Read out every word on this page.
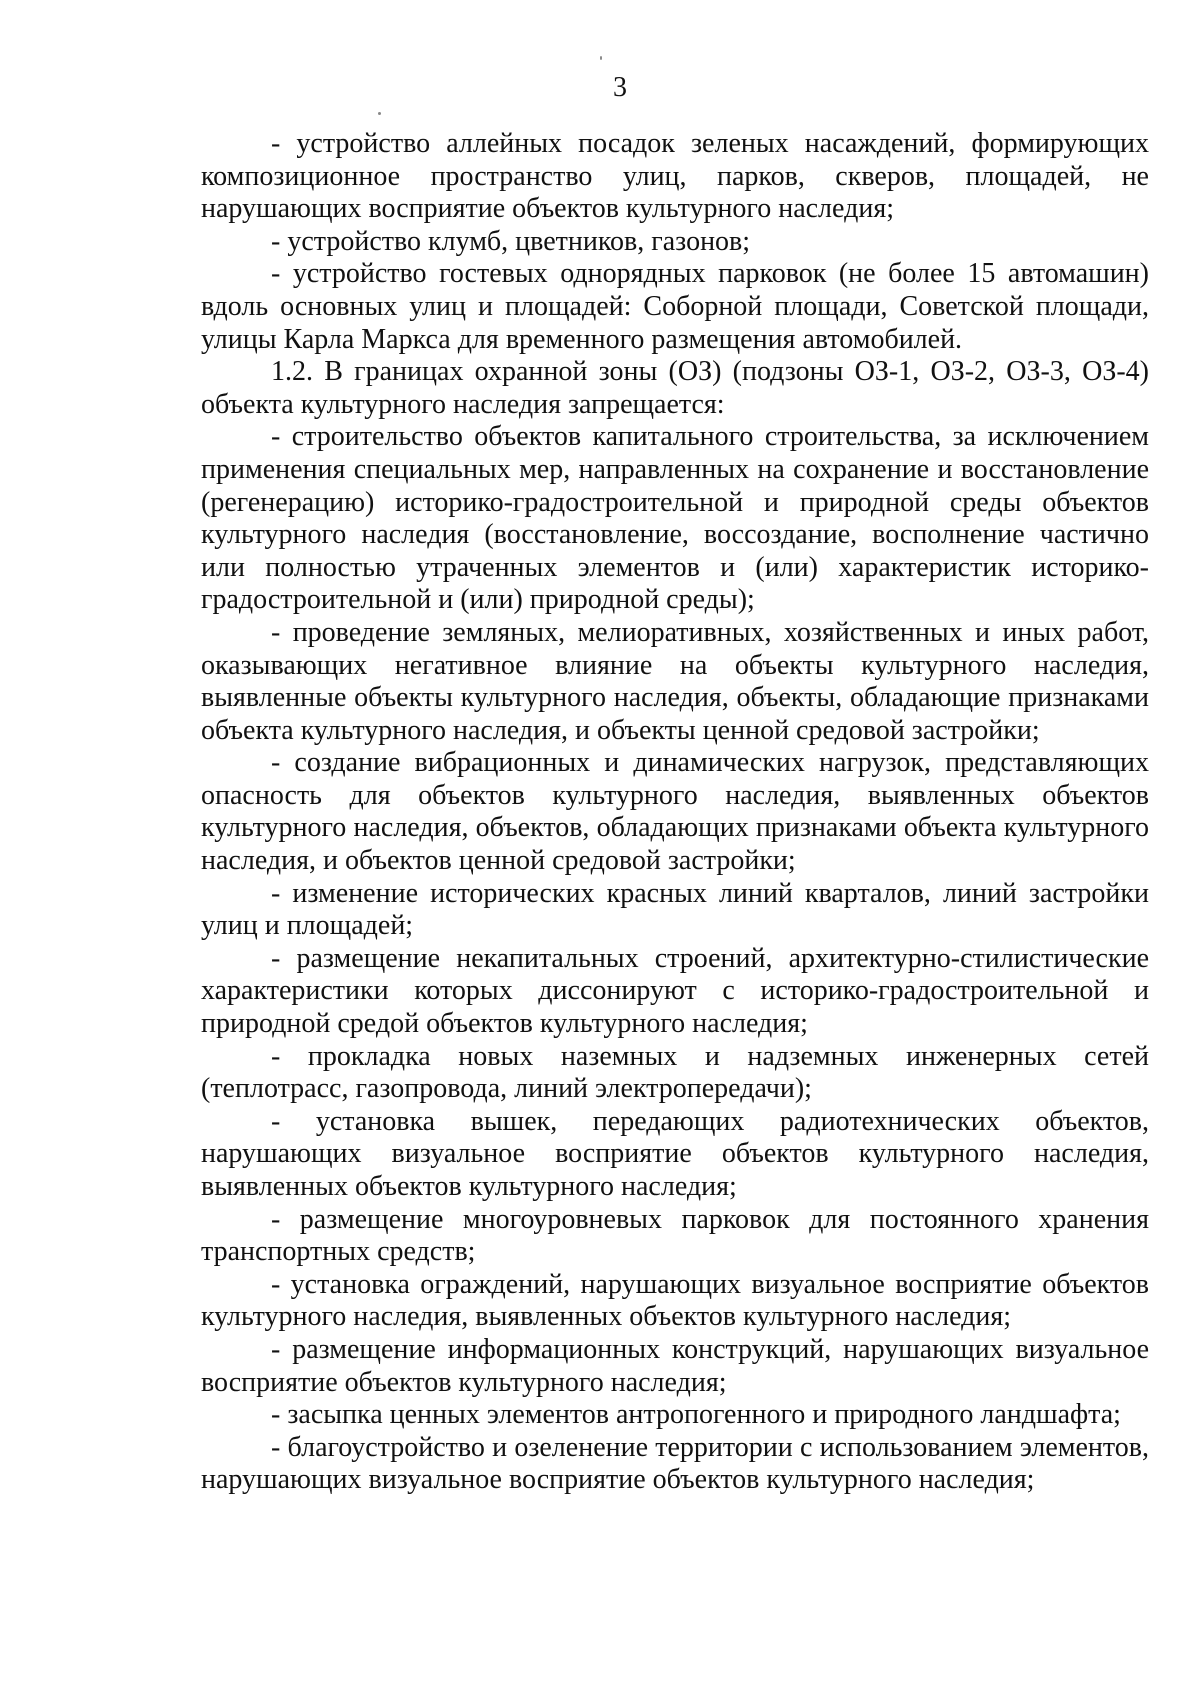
3

- устройство аллейных посадок зеленых насаждений, формирующих композиционное пространство улиц, парков, скверов, площадей, не нарушающих восприятие объектов культурного наследия;

- устройство клумб, цветников, газонов;

- устройство гостевых однорядных парковок (не более 15 автомашин) вдоль основных улиц и площадей: Соборной площади, Советской площади, улицы Карла Маркса для временного размещения автомобилей.

1.2. В границах охранной зоны (ОЗ) (подзоны ОЗ-1, ОЗ-2, ОЗ-3, ОЗ-4) объекта культурного наследия запрещается:

- строительство объектов капитального строительства, за исключением применения специальных мер, направленных на сохранение и восстановление (регенерацию) историко-градостроительной и природной среды объектов культурного наследия (восстановление, воссоздание, восполнение частично или полностью утраченных элементов и (или) характеристик историко-градостроительной и (или) природной среды);

- проведение земляных, мелиоративных, хозяйственных и иных работ, оказывающих негативное влияние на объекты культурного наследия, выявленные объекты культурного наследия, объекты, обладающие признаками объекта культурного наследия, и объекты ценной средовой застройки;

- создание вибрационных и динамических нагрузок, представляющих опасность для объектов культурного наследия, выявленных объектов культурного наследия, объектов, обладающих признаками объекта культурного наследия, и объектов ценной средовой застройки;

- изменение исторических красных линий кварталов, линий застройки улиц и площадей;

- размещение некапитальных строений, архитектурно-стилистические характеристики которых диссонируют с историко-градостроительной и природной средой объектов культурного наследия;

- прокладка новых наземных и надземных инженерных сетей (теплотрасс, газопровода, линий электропередачи);

- установка вышек, передающих радиотехнических объектов, нарушающих визуальное восприятие объектов культурного наследия, выявленных объектов культурного наследия;

- размещение многоуровневых парковок для постоянного хранения транспортных средств;

- установка ограждений, нарушающих визуальное восприятие объектов культурного наследия, выявленных объектов культурного наследия;

- размещение информационных конструкций, нарушающих визуальное восприятие объектов культурного наследия;

- засыпка ценных элементов антропогенного и природного ландшафта;

- благоустройство и озеленение территории с использованием элементов, нарушающих визуальное восприятие объектов культурного наследия;
